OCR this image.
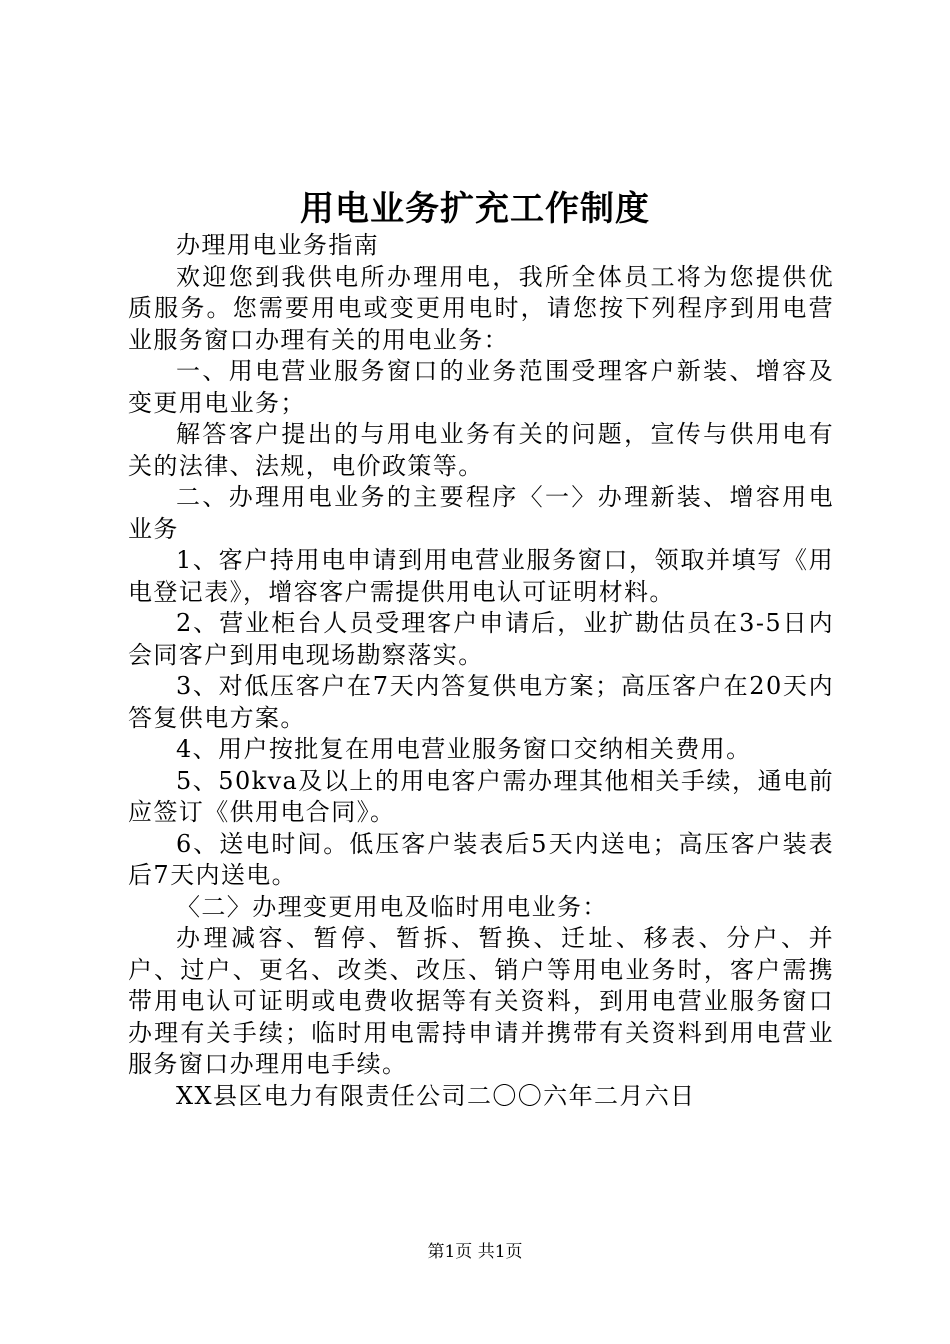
用电业务扩充工作制度

办理用电业务指南

欢迎您到我供电所办理用电，我所全体员工将为您提供优质服务。您需要用电或变更用电时，请您按下列程序到用电营业服务窗口办理有关的用电业务：

一、用电营业服务窗口的业务范围受理客户新装、增容及变更用电业务；

解答客户提出的与用电业务有关的问题，宣传与供用电有关的法律、法规，电价政策等。

二、办理用电业务的主要程序〈一〉办理新装、增容用电业务

1、客户持用电申请到用电营业服务窗口，领取并填写《用电登记表》，增容客户需提供用电认可证明材料。

2、营业柜台人员受理客户申请后，业扩勘估员在3-5日内会同客户到用电现场勘察落实。

3、对低压客户在7天内答复供电方案；高压客户在20天内答复供电方案。

4、用户按批复在用电营业服务窗口交纳相关费用。

5、50kva及以上的用电客户需办理其他相关手续，通电前应签订《供用电合同》。

6、送电时间。低压客户装表后5天内送电；高压客户装表后7天内送电。

〈二〉办理变更用电及临时用电业务：

办理减容、暂停、暂拆、暂换、迁址、移表、分户、并户、过户、更名、改类、改压、销户等用电业务时，客户需携带用电认可证明或电费收据等有关资料，到用电营业服务窗口办理有关手续；临时用电需持申请并携带有关资料到用电营业服务窗口办理用电手续。

XX县区电力有限责任公司二〇〇六年二月六日

第1页 共1页
